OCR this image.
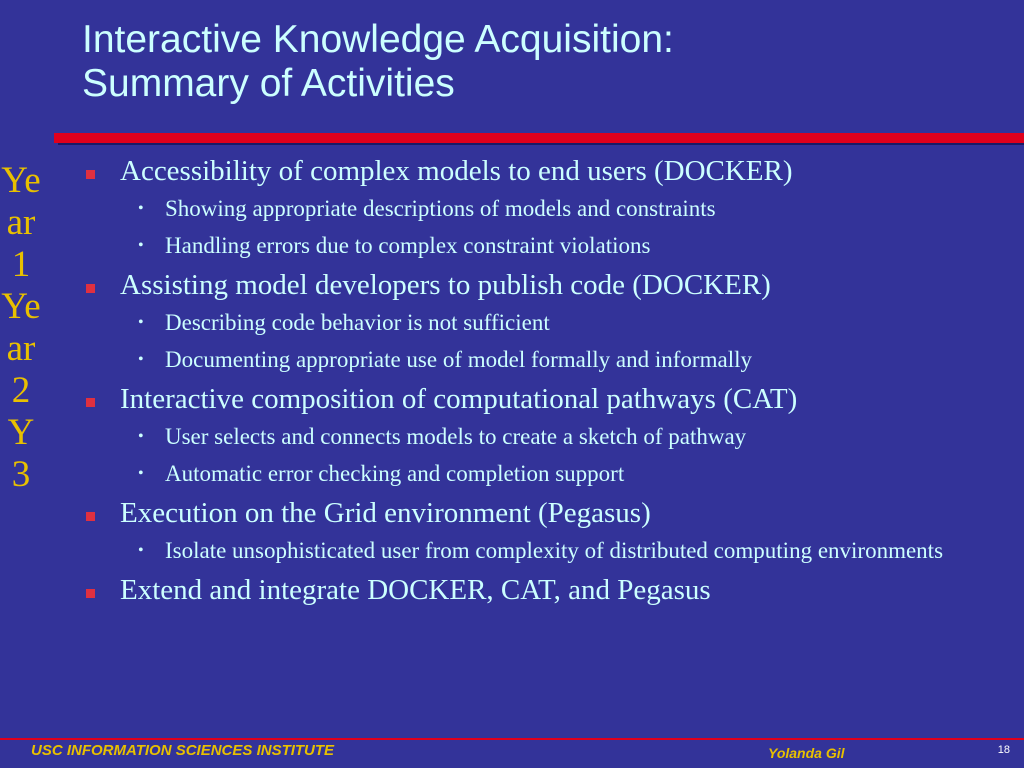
Interactive Knowledge Acquisition:
Summary of Activities
Year 1Year 2Y3
Accessibility of complex models to end users (DOCKER)
• Showing appropriate descriptions of models and constraints
• Handling errors due to complex constraint violations
Assisting model developers to publish code (DOCKER)
• Describing code behavior is not sufficient
• Documenting appropriate use of model formally and informally
Interactive composition of computational pathways (CAT)
• User selects and connects models to create a sketch of pathway
• Automatic error checking and completion support
Execution on the Grid environment (Pegasus)
• Isolate unsophisticated user from complexity of distributed computing environments
Extend and integrate DOCKER, CAT, and Pegasus
USC INFORMATION SCIENCES INSTITUTE	Yolanda Gil	18
